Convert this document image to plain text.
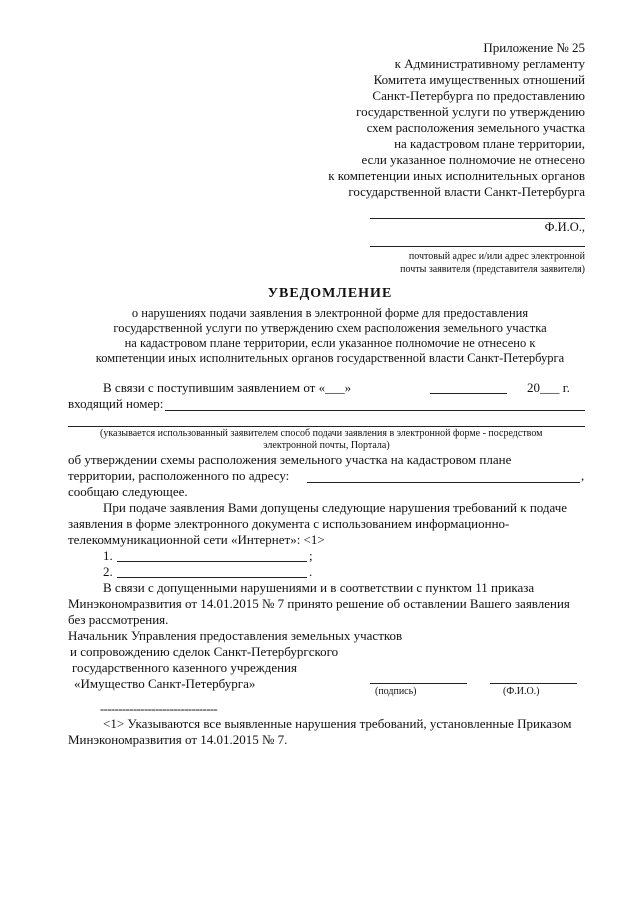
Приложение № 25
к Административному регламенту
Комитета имущественных отношений
Санкт-Петербурга по предоставлению
государственной услуги по утверждению
схем расположения земельного участка
на кадастровом плане территории,
если указанное полномочие не отнесено
к компетенции иных исполнительных органов
государственной власти Санкт-Петербурга
Ф.И.О.,
почтовый адрес и/или адрес электронной
почты заявителя (представителя заявителя)
УВЕДОМЛЕНИЕ
о нарушениях подачи заявления в электронной форме для предоставления
государственной услуги по утверждению схем расположения земельного участка
на кадастровом плане территории, если указанное полномочие не отнесено к
компетенции иных исполнительных органов государственной власти Санкт-Петербурга
В связи с поступившим заявлением от «___»	20___ г.
входящий номер:
(указывается использованный заявителем способ подачи заявления в электронной форме - посредством
электронной почты, Портала)
об утверждении схемы расположения земельного участка на кадастровом плане
территории, расположенного по адресу:	,
сообщаю следующее.
При подаче заявления Вами допущены следующие нарушения требований к подаче
заявления в форме электронного документа с использованием информационно-
телекоммуникационной сети «Интернет»: <1>
1.	;
2.	.
В связи с допущенными нарушениями и в соответствии с пунктом 11 приказа
Минэкономразвития от 14.01.2015 № 7 принято решение об оставлении Вашего заявления
без рассмотрения.
Начальник Управления предоставления земельных участков
и сопровождению сделок Санкт-Петербургского
государственного казенного учреждения
«Имущество Санкт-Петербурга»
(подпись)	(Ф.И.О.)
--------------------------------
<1> Указываются все выявленные нарушения требований, установленные Приказом
Минэкономразвития от 14.01.2015 № 7.
